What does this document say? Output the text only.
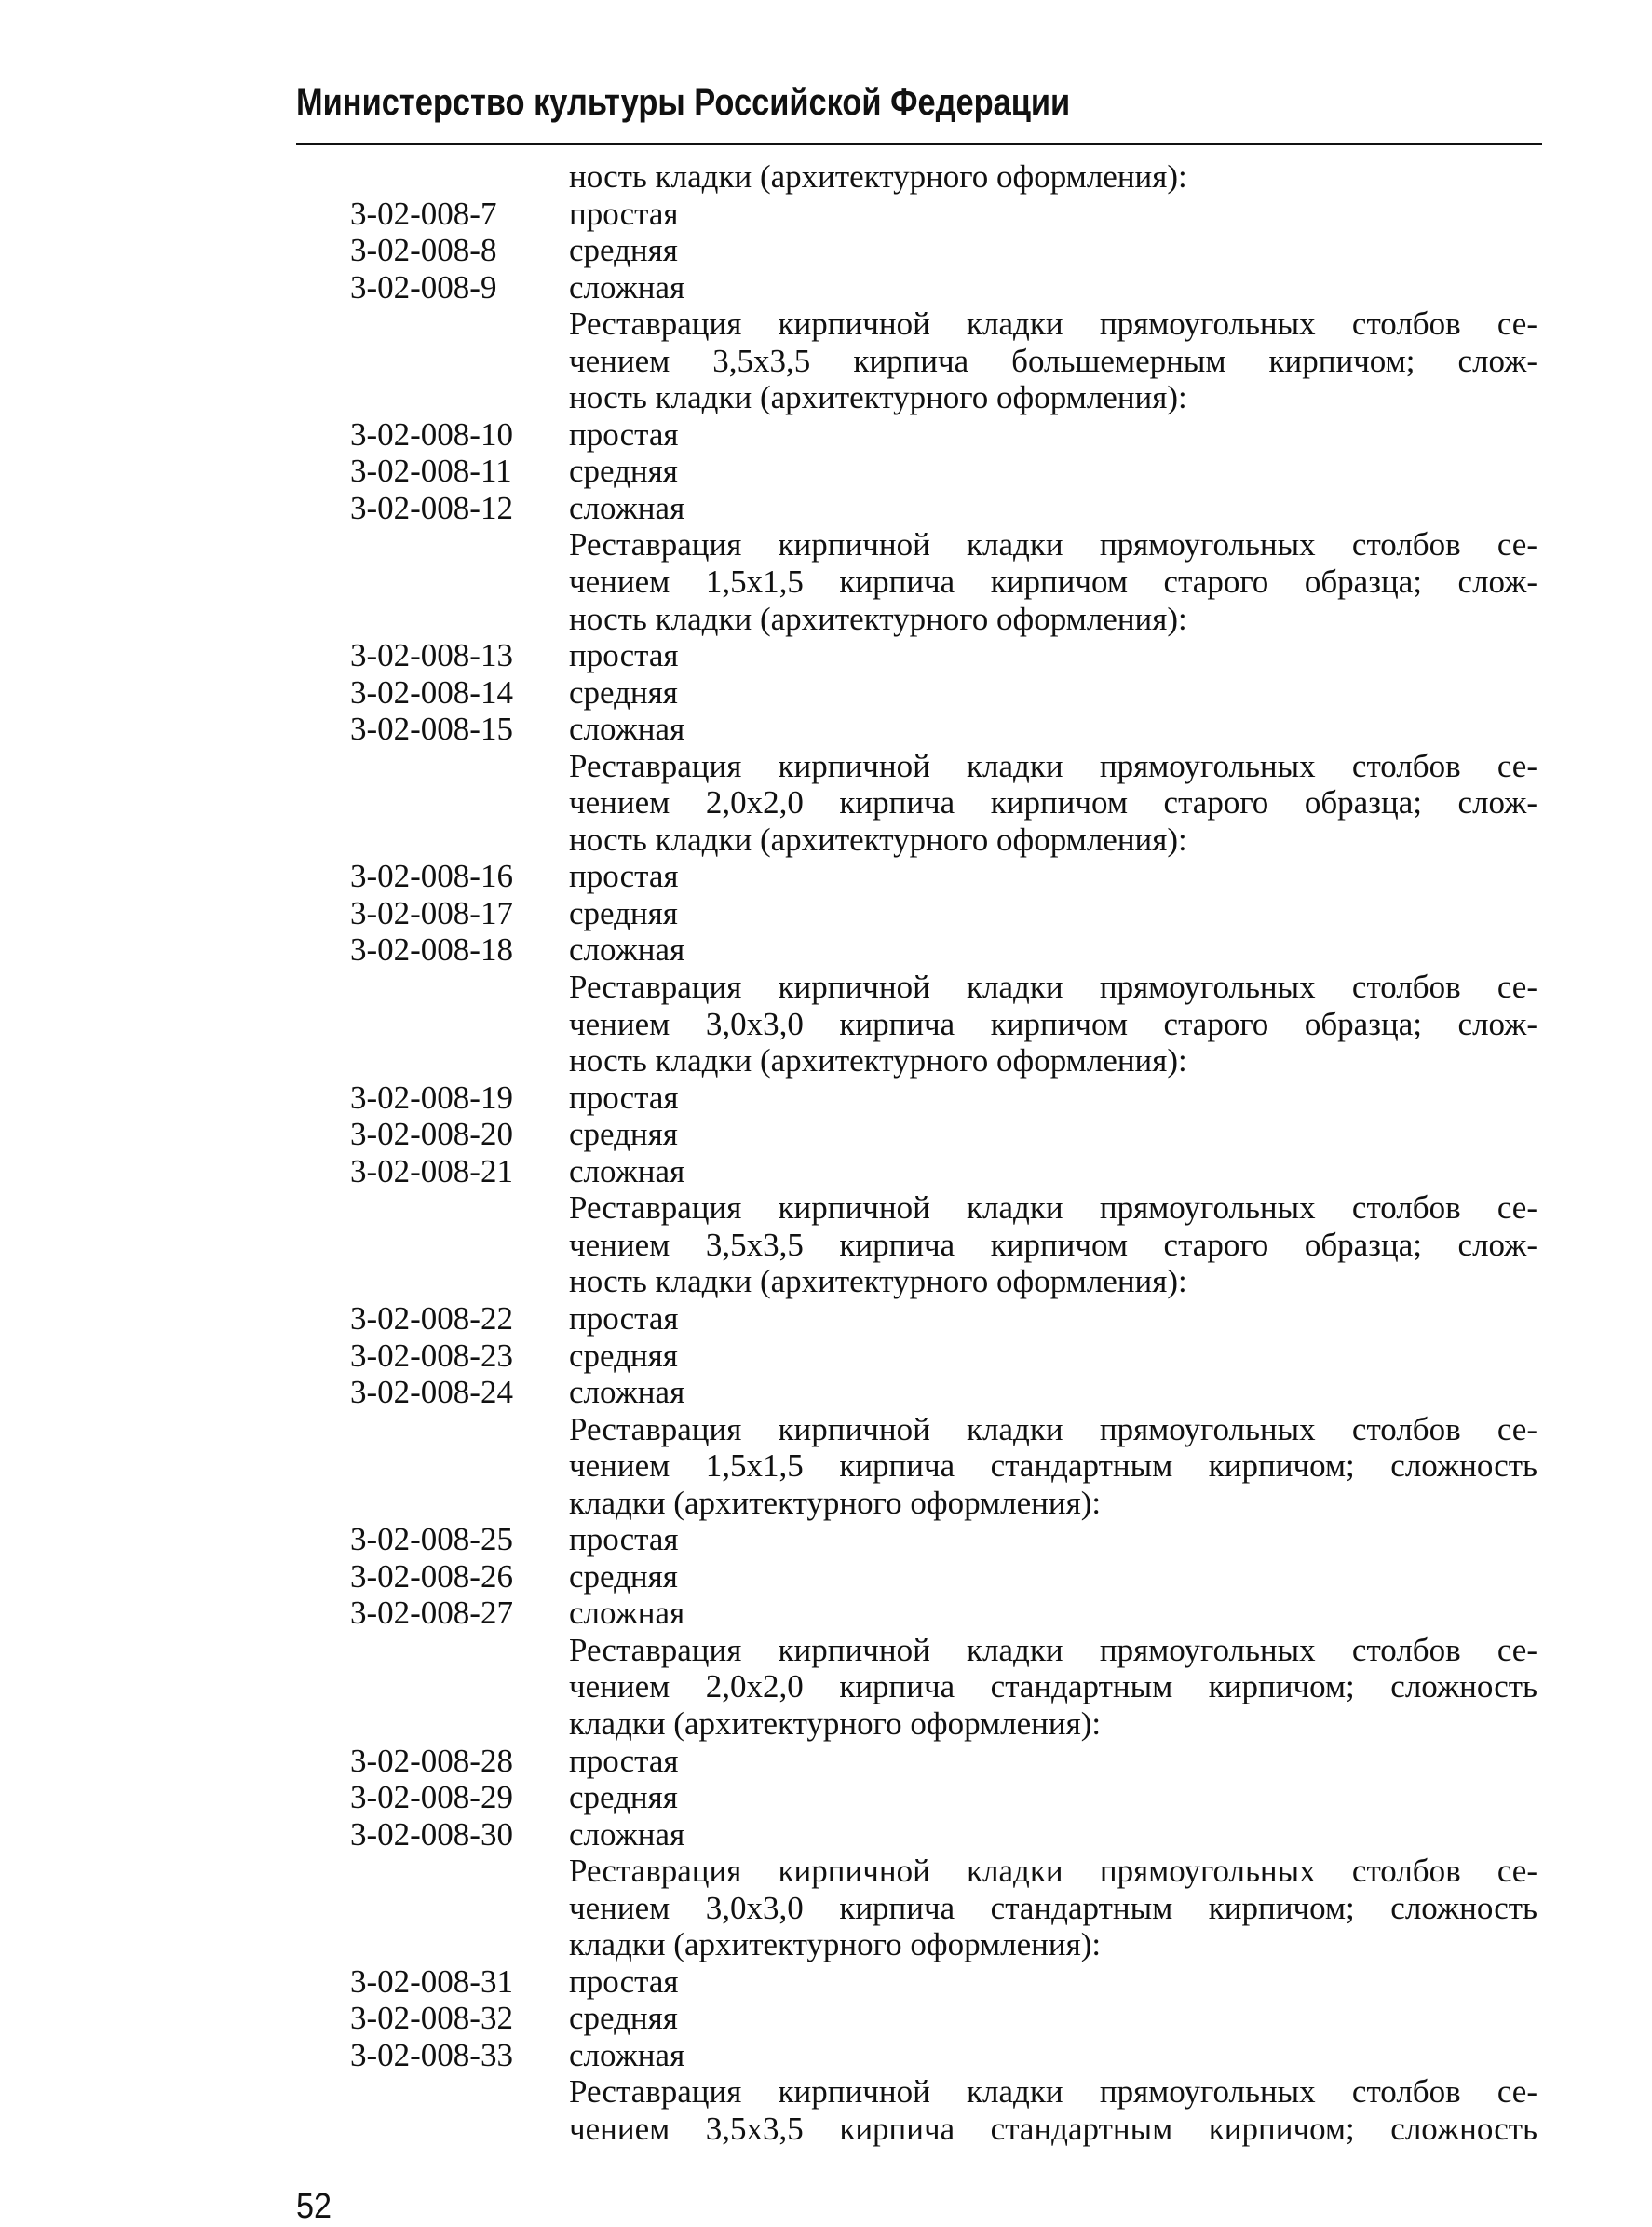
Министерство культуры Российской Федерации
ность кладки (архитектурного оформления):
3-02-008-7	простая
3-02-008-8	средняя
3-02-008-9	сложная
Реставрация кирпичной кладки прямоугольных столбов се-
чением 3,5х3,5 кирпича большемерным кирпичом; слож-
ность кладки (архитектурного оформления):
3-02-008-10	простая
3-02-008-11	средняя
3-02-008-12	сложная
Реставрация кирпичной кладки прямоугольных столбов се-
чением 1,5х1,5 кирпича кирпичом старого образца; слож-
ность кладки (архитектурного оформления):
3-02-008-13	простая
3-02-008-14	средняя
3-02-008-15	сложная
Реставрация кирпичной кладки прямоугольных столбов се-
чением 2,0х2,0 кирпича кирпичом старого образца; слож-
ность кладки (архитектурного оформления):
3-02-008-16	простая
3-02-008-17	средняя
3-02-008-18	сложная
Реставрация кирпичной кладки прямоугольных столбов се-
чением 3,0х3,0 кирпича кирпичом старого образца; слож-
ность кладки (архитектурного оформления):
3-02-008-19	простая
3-02-008-20	средняя
3-02-008-21	сложная
Реставрация кирпичной кладки прямоугольных столбов се-
чением 3,5х3,5 кирпича кирпичом старого образца; слож-
ность кладки (архитектурного оформления):
3-02-008-22	простая
3-02-008-23	средняя
3-02-008-24	сложная
Реставрация кирпичной кладки прямоугольных столбов се-
чением 1,5х1,5 кирпича стандартным кирпичом; сложность
кладки (архитектурного оформления):
3-02-008-25	простая
3-02-008-26	средняя
3-02-008-27	сложная
Реставрация кирпичной кладки прямоугольных столбов се-
чением 2,0х2,0 кирпича стандартным кирпичом; сложность
кладки (архитектурного оформления):
3-02-008-28	простая
3-02-008-29	средняя
3-02-008-30	сложная
Реставрация кирпичной кладки прямоугольных столбов се-
чением 3,0х3,0 кирпича стандартным кирпичом; сложность
кладки (архитектурного оформления):
3-02-008-31	простая
3-02-008-32	средняя
3-02-008-33	сложная
Реставрация кирпичной кладки прямоугольных столбов се-
чением 3,5х3,5 кирпича стандартным кирпичом; сложность
52
